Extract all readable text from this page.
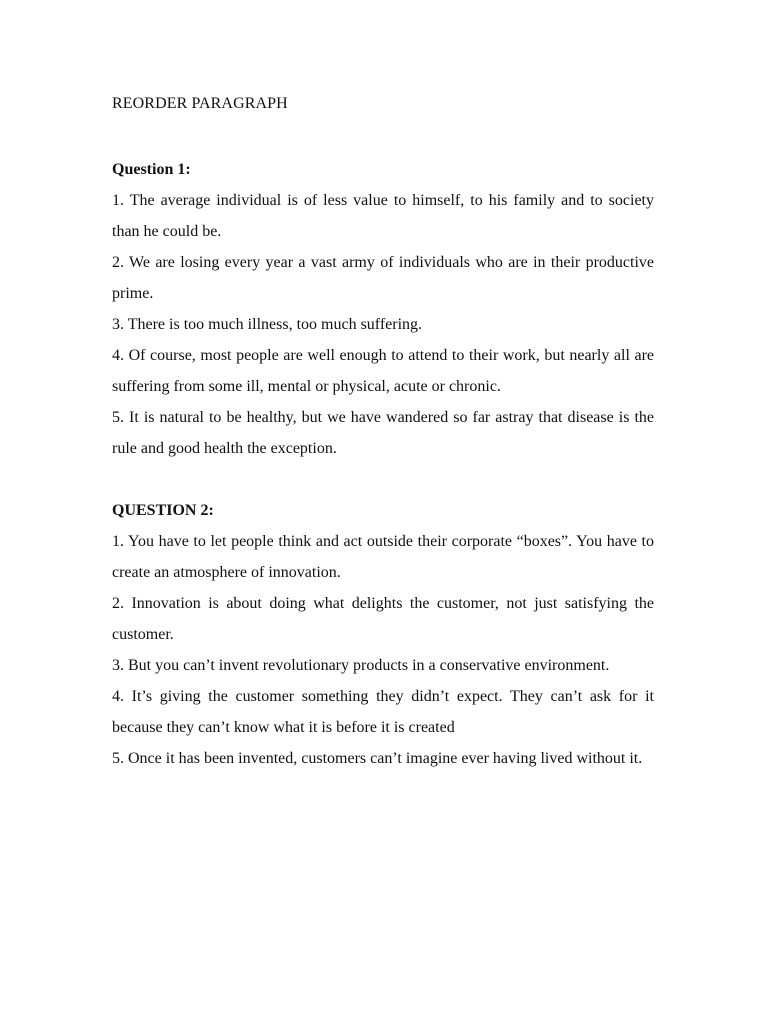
REORDER PARAGRAPH

Question 1:

1. The average individual is of less value to himself, to his family and to society than he could be.

2. We are losing every year a vast army of individuals who are in their productive prime.

3. There is too much illness, too much suffering.

4. Of course, most people are well enough to attend to their work, but nearly all are suffering from some ill, mental or physical, acute or chronic.

5. It is natural to be healthy, but we have wandered so far astray that disease is the rule and good health the exception.

QUESTION 2:

1. You have to let people think and act outside their corporate “boxes”. You have to create an atmosphere of innovation.

2. Innovation is about doing what delights the customer, not just satisfying the customer.

3. But you can’t invent revolutionary products in a conservative environment.

4. It’s giving the customer something they didn’t expect. They can’t ask for it because they can’t know what it is before it is created

5. Once it has been invented, customers can’t imagine ever having lived without it.
